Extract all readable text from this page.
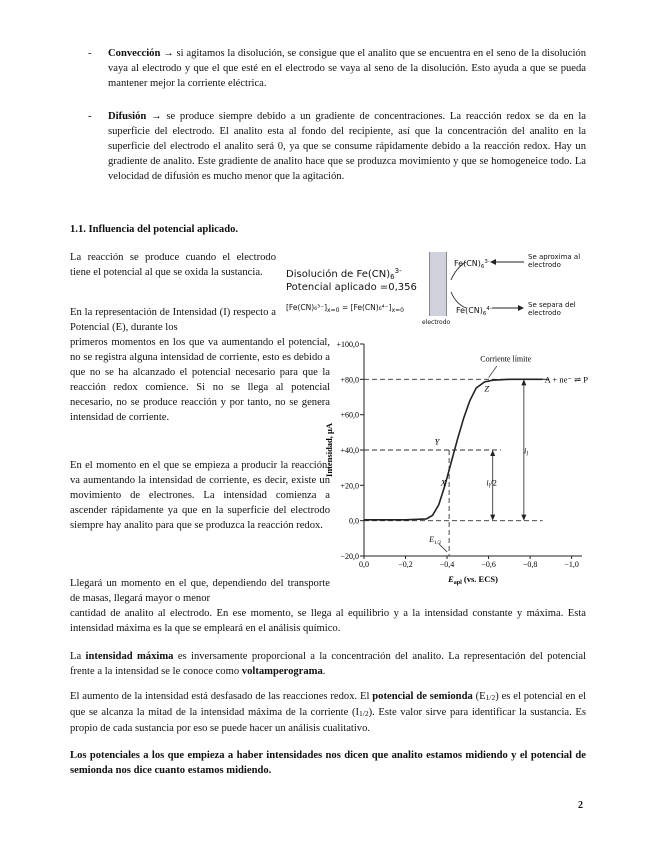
- Convección → si agitamos la disolución, se consigue que el analito que se encuentra en el seno de la disolución vaya al electrodo y que el que esté en el electrodo se vaya al seno de la disolución. Esto ayuda a que se pueda mantener mejor la corriente eléctrica.

- Difusión → se produce siempre debido a un gradiente de concentraciones. La reacción redox se da en la superficie del electrodo. El analito esta al fondo del recipiente, así que la concentración del analito en la superficie del electrodo el analito será 0, ya que se consume rápidamente debido a la reacción redox. Hay un gradiente de analito. Este gradiente de analito hace que se produzca movimiento y que se homogeneice todo. La velocidad de difusión es mucho menor que la agitación.

1.1. Influencia del potencial aplicado.

La reacción se produce cuando el electrodo tiene el potencial al que se oxida la sustancia.

En la representación de Intensidad (I) respecto a Potencial (E), durante los

primeros momentos en los que va aumentando el potencial, no se registra alguna intensidad de corriente, esto es debido a que no se ha alcanzado el potencial necesario para que la reacción redox comience. Si no se llega al potencial necesario, no se produce reacción y por tanto, no se genera intensidad de corriente.

En el momento en el que se empieza a producir la reacción, va aumentando la intensidad de corriente, es decir, existe un movimiento de electrones. La intensidad comienza a ascender rápidamente ya que en la superficie del electrodo siempre hay analito para que se produzca la reacción redox.

Llegará un momento en el que, dependiendo del transporte de masas, llegará mayor o menor

cantidad de analito al electrodo. En ese momento, se llega al equilibrio y a la intensidad constante y máxima. Esta intensidad máxima es la que se empleará en el análisis químico.

La intensidad máxima es inversamente proporcional a la concentración del analito. La representación del potencial frente a la intensidad se le conoce como voltamperograma.

El aumento de la intensidad está desfasado de las reacciones redox. El potencial de semionda (E1/2) es el potencial en el que se alcanza la mitad de la intensidad máxima de la corriente (I1/2). Este valor sirve para identificar la sustancia. Es propio de cada sustancia por eso se puede hacer un análisis cualitativo.

Los potenciales a los que empieza a haber intensidades nos dicen que analito estamos midiendo y el potencial de semionda nos dice cuanto estamos midiendo.

2
Disolución de $Fe(CN)_6^{3-}$
Potencial aplicado =0,356
$[Fe(CN)_6^{3-}]_{x=0} = [Fe(CN)_6^{4-}]_{x=0}$
electrodo
$Fe(CN)_6^{3-}$
$Fe(CN)_6^{4-}$
Se aproxima al
electrodo
Se separa del
electrodo
+100,0
+80,0
+60,0
+40,0
+20,0
0,0
−20,0
0,0	−0,2	−0,4	−0,6	−0,8	−1,0
Intensidad, μA
$E_{apl}$ (vs. ECS)
Corriente límite
A + ne⁻ ⇌ P
Z
Y
X
$i_l$
$i_l/2$
$E_{1/2}$
